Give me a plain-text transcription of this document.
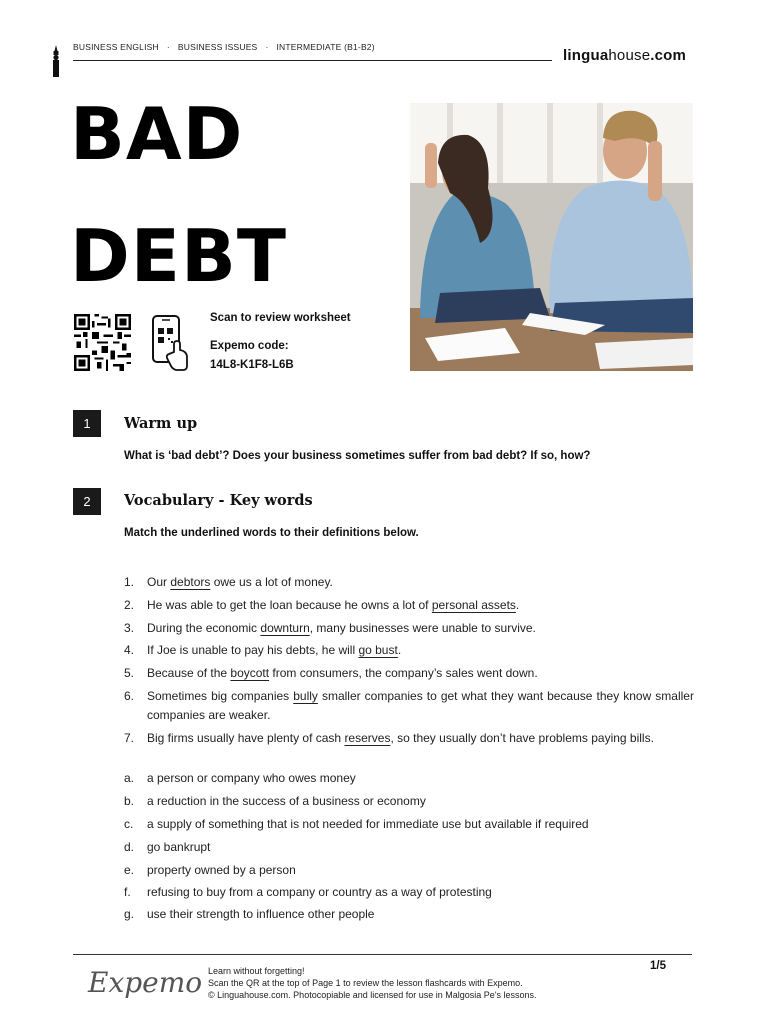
BUSINESS ENGLISH · BUSINESS ISSUES · INTERMEDIATE (B1-B2)	linguahouse.com
BAD
DEBT
Scan to review worksheet
Expemo code:
14L8-K1F8-L6B
1	Warm up
What is ‘bad debt’? Does your business sometimes suffer from bad debt? If so, how?
2	Vocabulary - Key words
Match the underlined words to their definitions below.
1.	Our debtors owe us a lot of money.
2.	He was able to get the loan because he owns a lot of personal assets.
3.	During the economic downturn, many businesses were unable to survive.
4.	If Joe is unable to pay his debts, he will go bust.
5.	Because of the boycott from consumers, the company’s sales went down.
6.	Sometimes big companies bully smaller companies to get what they want because they know smaller companies are weaker.
7.	Big firms usually have plenty of cash reserves, so they usually don’t have problems paying bills.
a.	a person or company who owes money
b.	a reduction in the success of a business or economy
c.	a supply of something that is not needed for immediate use but available if required
d.	go bankrupt
e.	property owned by a person
f.	refusing to buy from a company or country as a way of protesting
g.	use their strength to influence other people
Expemo Learn without forgetting!
Scan the QR at the top of Page 1 to review the lesson flashcards with Expemo.
© Linguahouse.com. Photocopiable and licensed for use in Malgosia Pe's lessons.
1/5
